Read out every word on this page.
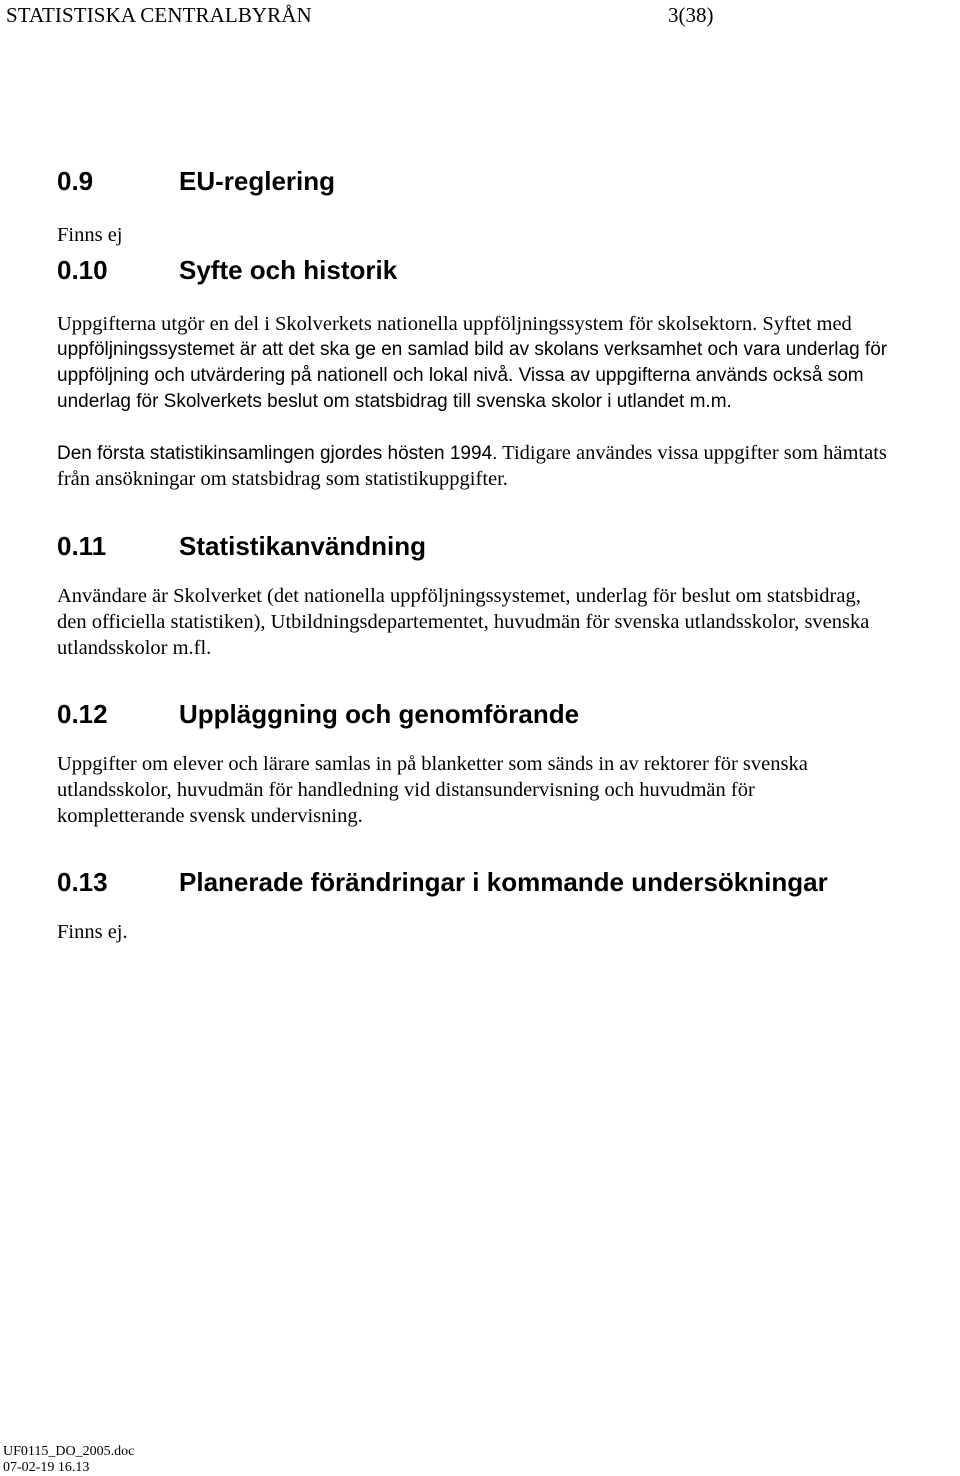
STATISTISKA CENTRALBYRÅN	3(38)
0.9	EU-reglering
Finns ej
0.10	Syfte och historik
Uppgifterna utgör en del i Skolverkets nationella uppföljningssystem för skolsektorn. Syftet med
uppföljningssystemet är att det ska ge en samlad bild av skolans verksamhet och vara underlag för
uppföljning och utvärdering på nationell och lokal nivå. Vissa av uppgifterna används också som
underlag för Skolverkets beslut om statsbidrag till svenska skolor i utlandet m.m.
Den första statistikinsamlingen gjordes hösten 1994. Tidigare användes vissa uppgifter som hämtats
från ansökningar om statsbidrag som statistikuppgifter.
0.11	Statistikanvändning
Användare är Skolverket (det nationella uppföljningssystemet, underlag för beslut om statsbidrag,
den officiella statistiken), Utbildningsdepartementet, huvudmän för svenska utlandsskolor, svenska
utlandsskolor m.fl.
0.12	Uppläggning och genomförande
Uppgifter om elever och lärare samlas in på blanketter som sänds in av rektorer för svenska
utlandsskolor, huvudmän för handledning vid distansundervisning och huvudmän för
kompletterande svensk undervisning.
0.13	Planerade förändringar i kommande undersökningar
Finns ej.
UF0115_DO_2005.doc
07-02-19 16.13
